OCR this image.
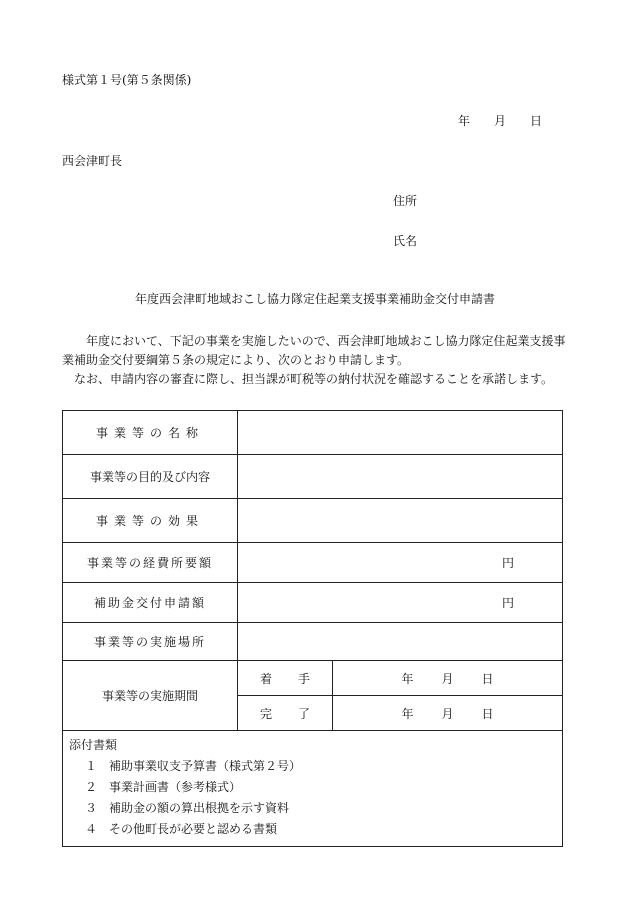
様式第１号(第５条関係)
年 月 日
西会津町長
住所
氏名
年度西会津町地域おこし協力隊定住起業支援事業補助金交付申請書

年度において、下記の事業を実施したいので、西会津町地域おこし協力隊定住起業支援事業補助金交付要綱第５条の規定により、次のとおり申請します。

なお、申請内容の審査に際し、担当課が町税等の納付状況を確認することを承諾します。

事業等の名称		
事業等の目的及び内容		
事業等の効果		
事業等の経費所要額	円	
補助金交付申請額	円	
事業等の実施場所		
事業等の実施期間	着 手	年 月 日
	完 了	年 月 日

添付書類
１ 補助事業収支予算書（様式第２号）
２ 事業計画書（参考様式）
３ 補助金の額の算出根拠を示す資料
４ その他町長が必要と認める書類		
